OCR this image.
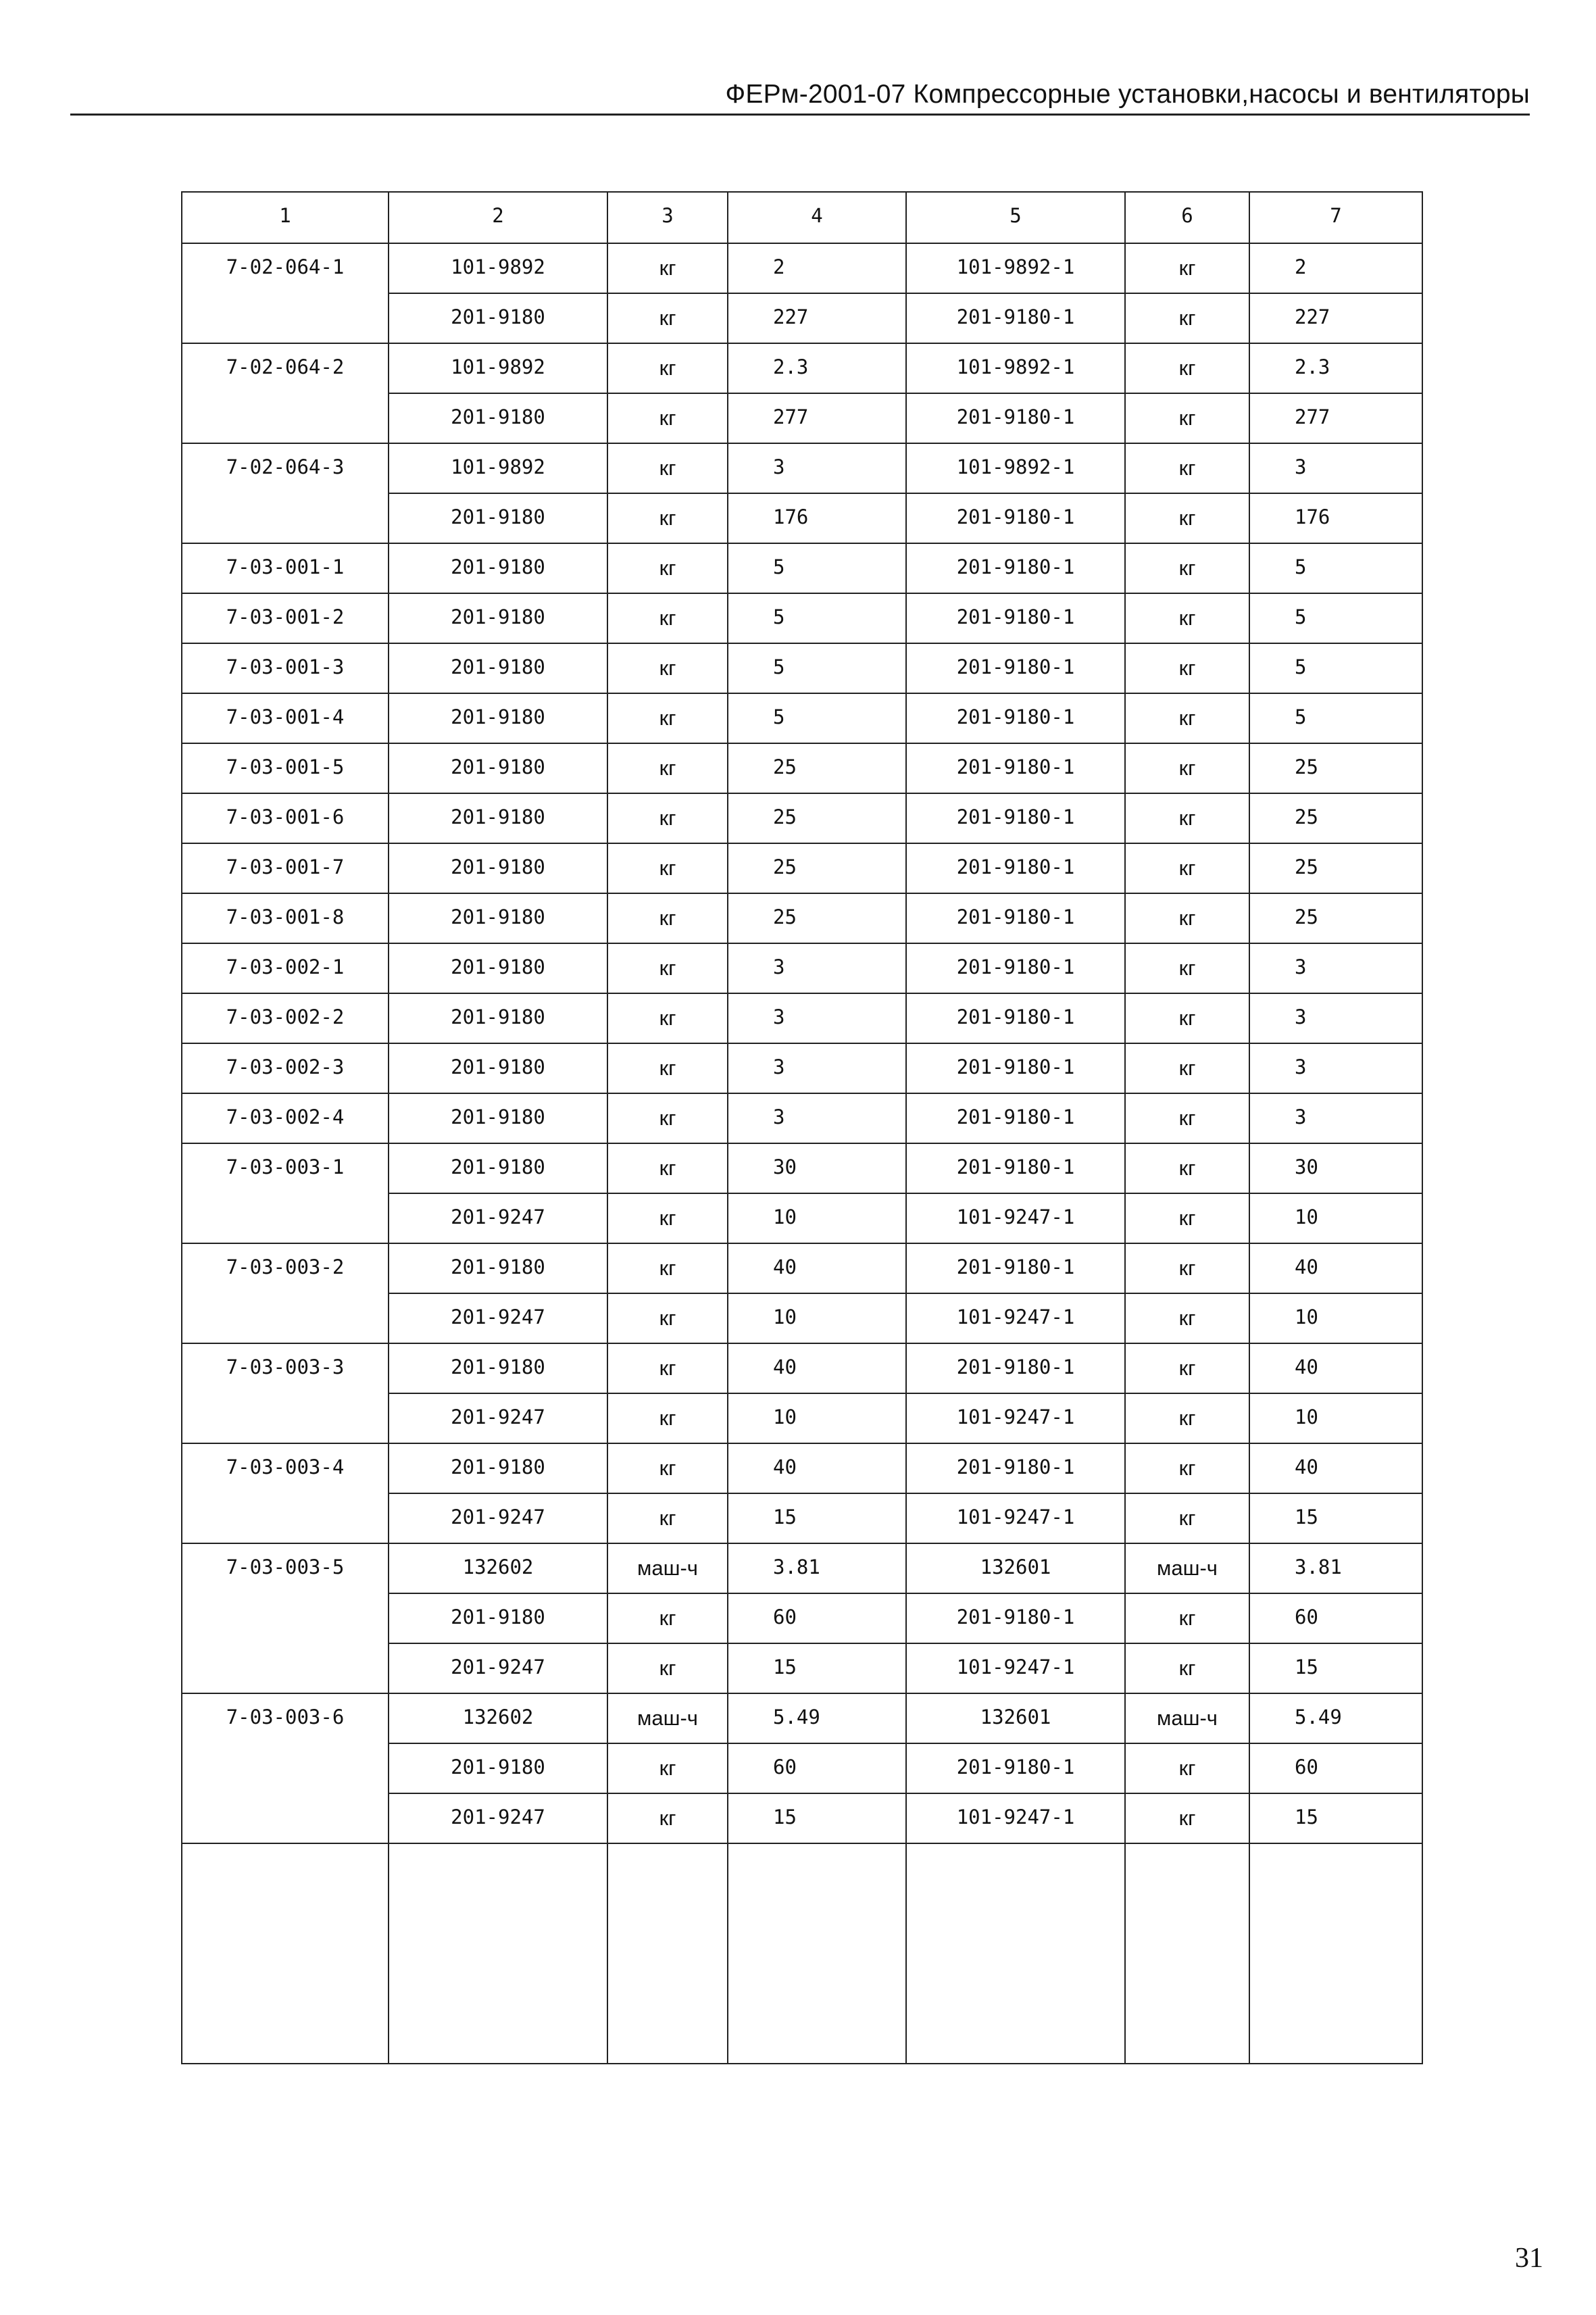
ФЕРм-2001-07 Компрессорные установки,насосы и вентиляторы
1	2	3	4	5	6	7

7-02-064-1	101-9892	кг	2	101-9892-1	кг	2

	201-9180	кг	227	201-9180-1	кг	227

7-02-064-2	101-9892	кг	2.3	101-9892-1	кг	2.3

	201-9180	кг	277	201-9180-1	кг	277

7-02-064-3	101-9892	кг	3	101-9892-1	кг	3

	201-9180	кг	176	201-9180-1	кг	176

7-03-001-1	201-9180	кг	5	201-9180-1	кг	5

7-03-001-2	201-9180	кг	5	201-9180-1	кг	5

7-03-001-3	201-9180	кг	5	201-9180-1	кг	5

7-03-001-4	201-9180	кг	5	201-9180-1	кг	5

7-03-001-5	201-9180	кг	25	201-9180-1	кг	25

7-03-001-6	201-9180	кг	25	201-9180-1	кг	25

7-03-001-7	201-9180	кг	25	201-9180-1	кг	25

7-03-001-8	201-9180	кг	25	201-9180-1	кг	25

7-03-002-1	201-9180	кг	3	201-9180-1	кг	3

7-03-002-2	201-9180	кг	3	201-9180-1	кг	3

7-03-002-3	201-9180	кг	3	201-9180-1	кг	3

7-03-002-4	201-9180	кг	3	201-9180-1	кг	3

7-03-003-1	201-9180	кг	30	201-9180-1	кг	30

	201-9247	кг	10	101-9247-1	кг	10

7-03-003-2	201-9180	кг	40	201-9180-1	кг	40

	201-9247	кг	10	101-9247-1	кг	10

7-03-003-3	201-9180	кг	40	201-9180-1	кг	40

	201-9247	кг	10	101-9247-1	кг	10

7-03-003-4	201-9180	кг	40	201-9180-1	кг	40

	201-9247	кг	15	101-9247-1	кг	15

7-03-003-5	132602	маш-ч	3.81	132601	маш-ч	3.81

	201-9180	кг	60	201-9180-1	кг	60

	201-9247	кг	15	101-9247-1	кг	15

7-03-003-6	132602	маш-ч	5.49	132601	маш-ч	5.49

	201-9180	кг	60	201-9180-1	кг	60

	201-9247	кг	15	101-9247-1	кг	15

31
